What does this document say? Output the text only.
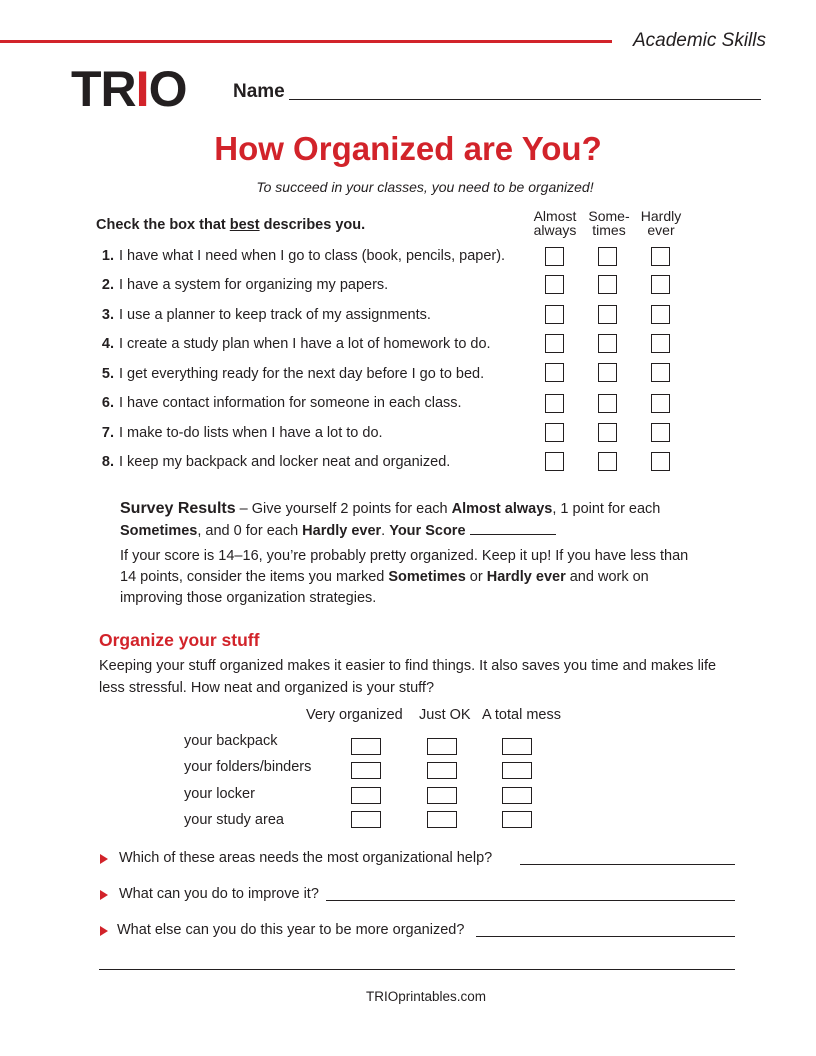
Academic Skills
TRIO Name
How Organized are You?
To succeed in your classes, you need to be organized!
Check the box that best describes you.
Almost
always
Some-
times
Hardly
ever
1. I have what I need when I go to class (book, pencils, paper).
2. I have a system for organizing my papers.
3. I use a planner to keep track of my assignments.
4. I create a study plan when I have a lot of homework to do.
5. I get everything ready for the next day before I go to bed.
6. I have contact information for someone in each class.
7. I make to-do lists when I have a lot to do.
8. I keep my backpack and locker neat and organized.
Survey Results – Give yourself 2 points for each Almost always, 1 point for each Sometimes, and 0 for each Hardly ever. Your Score
If your score is 14–16, you’re probably pretty organized. Keep it up! If you have less than 14 points, consider the items you marked Sometimes or Hardly ever and work on improving those organization strategies.
Organize your stuff
Keeping your stuff organized makes it easier to find things. It also saves you time and makes life less stressful. How neat and organized is your stuff?
Very organized Just OK A total mess
your backpack
your folders/binders
your locker
your study area
Which of these areas needs the most organizational help?
What can you do to improve it?
What else can you do this year to be more organized?
TRIOprintables.com
